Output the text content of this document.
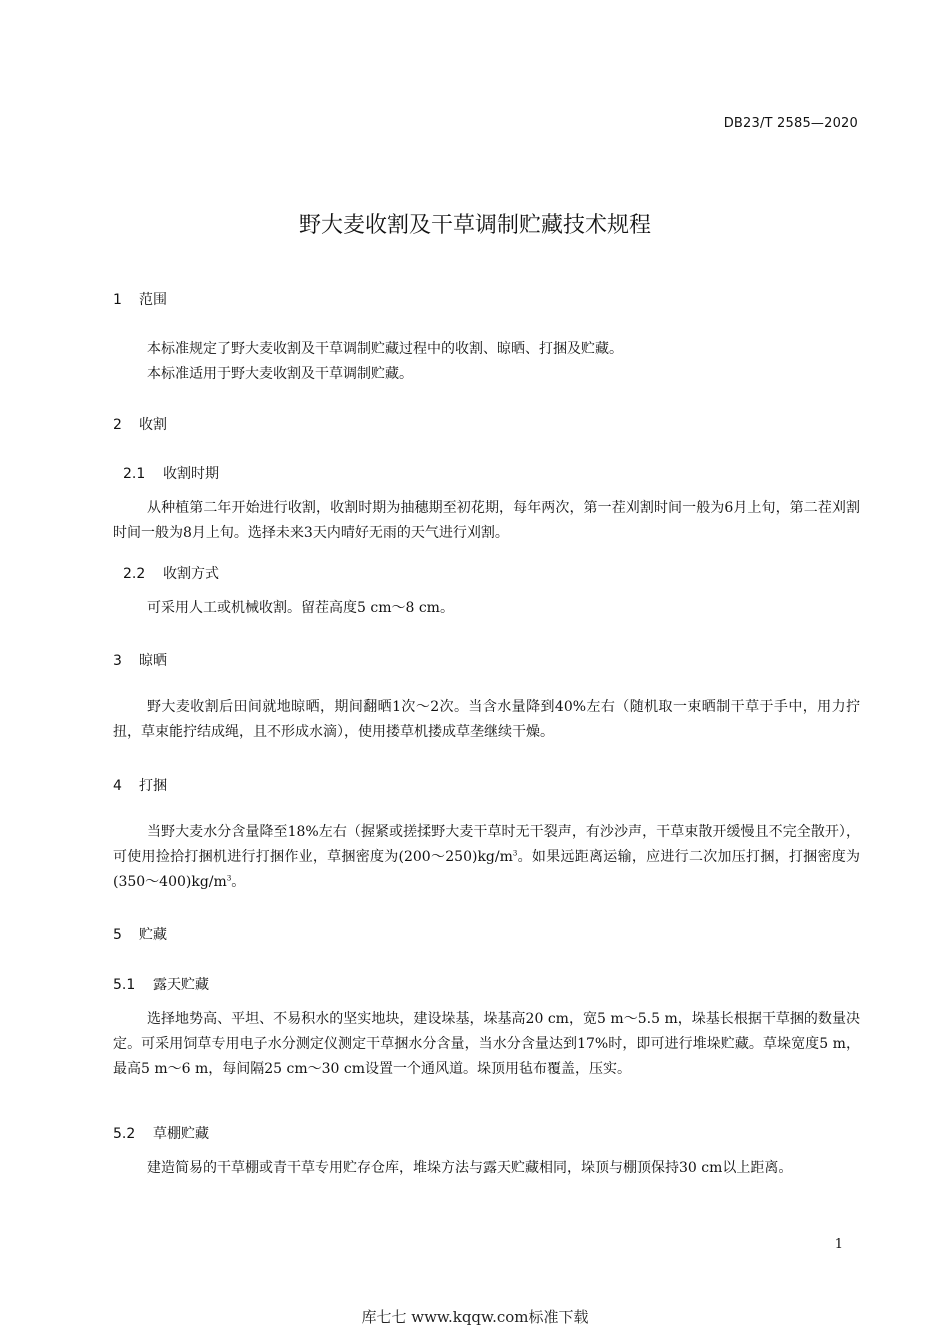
DB23/T 2585—2020
野大麦收割及干草调制贮藏技术规程
1 范围

本标准规定了野大麦收割及干草调制贮藏过程中的收割、晾晒、打捆及贮藏。

本标准适用于野大麦收割及干草调制贮藏。

2 收割
2.1 收割时期

从种植第二年开始进行收割，收割时期为抽穗期至初花期，每年两次，第一茬刈割时间一般为6月上旬，第二茬刈割时间一般为8月上旬。选择未来3天内晴好无雨的天气进行刈割。

2.2 收割方式

可采用人工或机械收割。留茬高度5 cm～8 cm。

3 晾晒

野大麦收割后田间就地晾晒，期间翻晒1次～2次。当含水量降到40%左右（随机取一束晒制干草于手中，用力拧扭，草束能拧结成绳，且不形成水滴），使用搂草机搂成草垄继续干燥。

4 打捆

当野大麦水分含量降至18%左右（握紧或搓揉野大麦干草时无干裂声，有沙沙声，干草束散开缓慢且不完全散开），可使用捡拾打捆机进行打捆作业，草捆密度为$(200\sim 250)kg/m^3$。如果远距离运输，应进行二次加压打捆，打捆密度为$(350\sim 400)kg/m^3$。

5 贮藏
5.1 露天贮藏

选择地势高、平坦、不易积水的坚实地块，建设垛基，垛基高20 cm，宽5 m～5.5 m，垛基长根据干草捆的数量决定。可采用饲草专用电子水分测定仪测定干草捆水分含量，当水分含量达到17%时，即可进行堆垛贮藏。草垛宽度5 m，最高5 m～6 m，每间隔25 cm～30 cm设置一个通风道。垛顶用毡布覆盖，压实。

5.2 草棚贮藏

建造简易的干草棚或青干草专用贮存仓库，堆垛方法与露天贮藏相同，垛顶与棚顶保持30 cm以上距离。

1
库七七 www.kqqw.com标准下载
